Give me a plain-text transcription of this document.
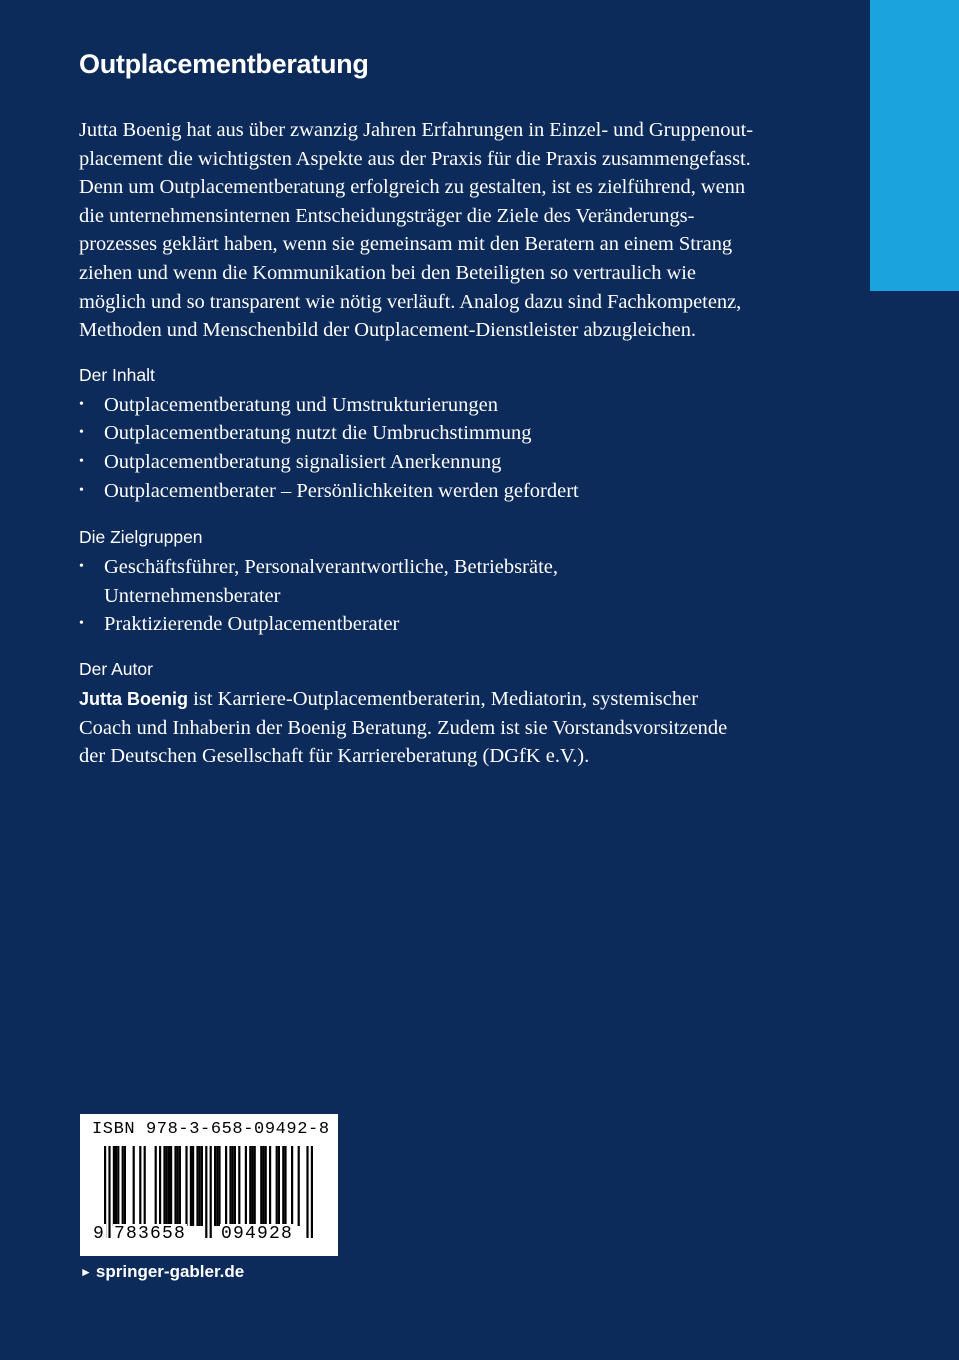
Outplacementberatung

Jutta Boenig hat aus über zwanzig Jahren Erfahrungen in Einzel- und Gruppenout-
placement die wichtigsten Aspekte aus der Praxis für die Praxis zusammengefasst.
Denn um Outplacementberatung erfolgreich zu gestalten, ist es zielführend, wenn
die unternehmensinternen Entscheidungsträger die Ziele des Veränderungs-
prozesses geklärt haben, wenn sie gemeinsam mit den Beratern an einem Strang
ziehen und wenn die Kommunikation bei den Beteiligten so vertraulich wie
möglich und so transparent wie nötig verläuft. Analog dazu sind Fachkompetenz,
Methoden und Menschenbild der Outplacement-Dienstleister abzugleichen.

Der Inhalt
• Outplacementberatung und Umstrukturierungen
• Outplacementberatung nutzt die Umbruchstimmung
• Outplacementberatung signalisiert Anerkennung
• Outplacementberater – Persönlichkeiten werden gefordert
Die Zielgruppen
• Geschäftsführer, Personalverantwortliche, Betriebsräte,
Unternehmensberater
• Praktizierende Outplacementberater
Der Autor

Jutta Boenig ist Karriere-Outplacementberaterin, Mediatorin, systemischer
Coach und Inhaberin der Boenig Beratung. Zudem ist sie Vorstandsvorsitzende
der Deutschen Gesellschaft für Karriereberatung (DGfK e.V.).

ISBN 978-3-658-09492-8
9 783658 094928
► springer-gabler.de
